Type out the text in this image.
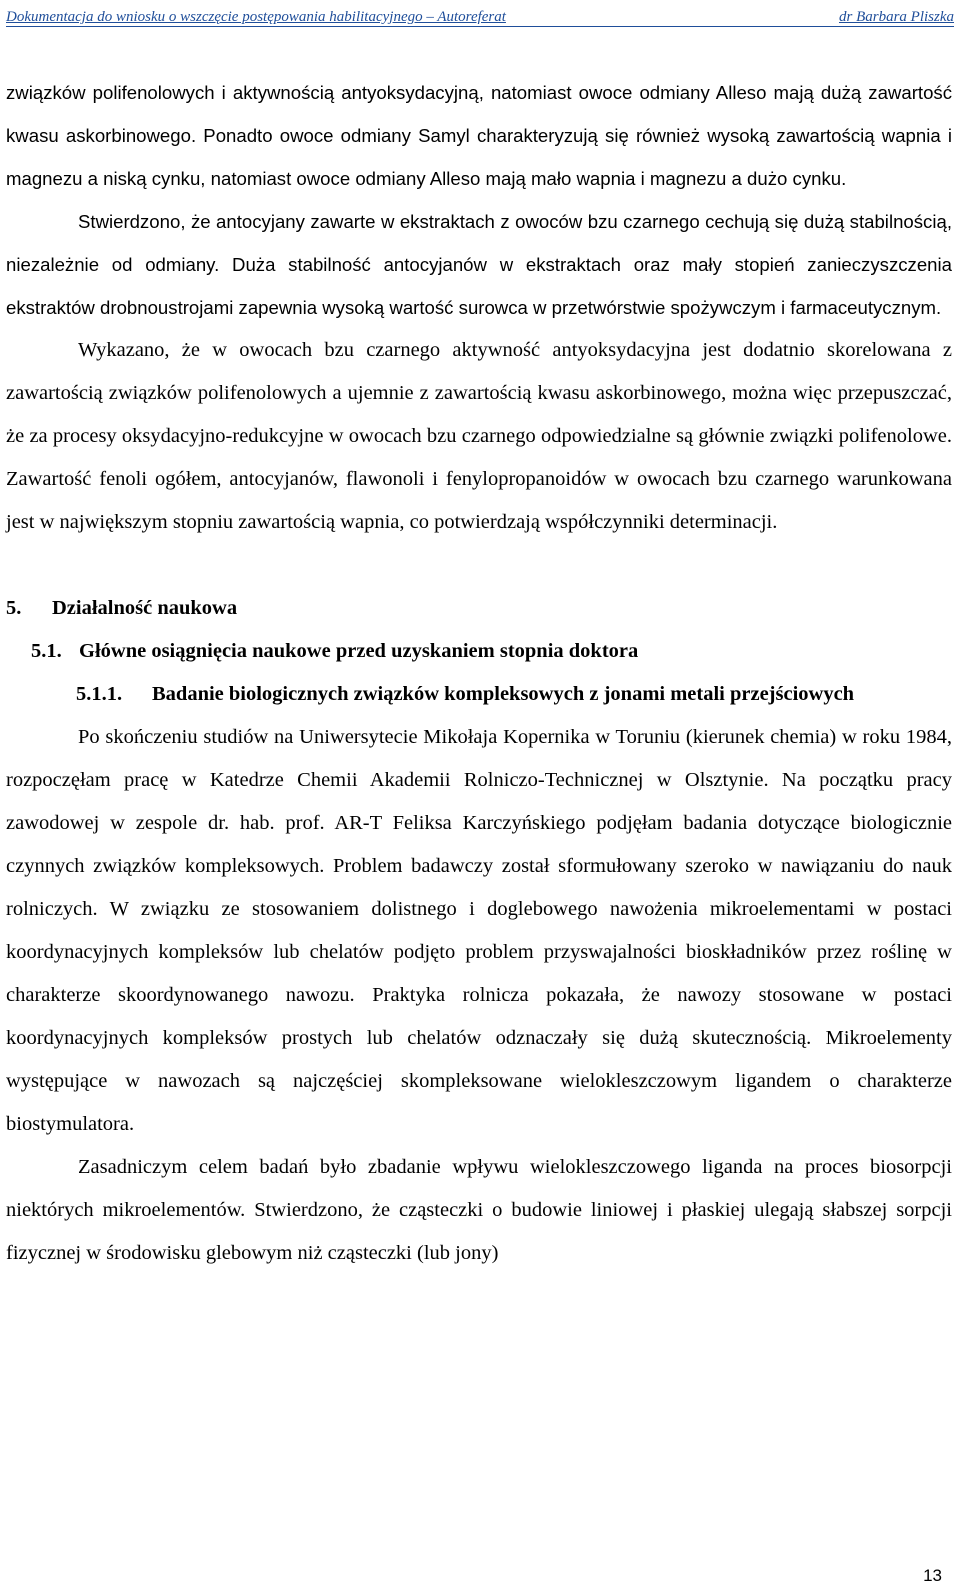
Dokumentacja do wniosku o wszczęcie postępowania habilitacyjnego – Autoreferat	dr Barbara Pliszka

związków polifenolowych i aktywnością antyoksydacyjną, natomiast owoce odmiany Alleso mają dużą zawartość kwasu askorbinowego. Ponadto owoce odmiany Samyl charakteryzują się również wysoką zawartością wapnia i magnezu a niską cynku, natomiast owoce odmiany Alleso mają mało wapnia i magnezu a dużo cynku.

Stwierdzono, że antocyjany zawarte w ekstraktach z owoców bzu czarnego cechują się dużą stabilnością, niezależnie od odmiany. Duża stabilność antocyjanów w ekstraktach oraz mały stopień zanieczyszczenia ekstraktów drobnoustrojami zapewnia wysoką wartość surowca w przetwórstwie spożywczym i farmaceutycznym.

Wykazano, że w owocach bzu czarnego aktywność antyoksydacyjna jest dodatnio skorelowana z zawartością związków polifenolowych a ujemnie z zawartością kwasu askorbinowego, można więc przepuszczać, że za procesy oksydacyjno-redukcyjne w owocach bzu czarnego odpowiedzialne są głównie związki polifenolowe. Zawartość fenoli ogółem, antocyjanów, flawonoli i fenylopropanoidów w owocach bzu czarnego warunkowana jest w największym stopniu zawartością wapnia, co potwierdzają współczynniki determinacji.

5. Działalność naukowa

5.1. Główne osiągnięcia naukowe przed uzyskaniem stopnia doktora

5.1.1.	Badanie biologicznych związków kompleksowych z jonami metali przejściowych

Po skończeniu studiów na Uniwersytecie Mikołaja Kopernika w Toruniu (kierunek chemia) w roku 1984, rozpoczęłam pracę w Katedrze Chemii Akademii Rolniczo-Technicznej w Olsztynie. Na początku pracy zawodowej w zespole dr. hab. prof. AR-T Feliksa Karczyńskiego podjęłam badania dotyczące biologicznie czynnych związków kompleksowych. Problem badawczy został sformułowany szeroko w nawiązaniu do nauk rolniczych. W związku ze stosowaniem dolistnego i doglebowego nawożenia mikroelementami w postaci koordynacyjnych kompleksów lub chelatów podjęto problem przyswajalności bioskładników przez roślinę w charakterze skoordynowanego nawozu. Praktyka rolnicza pokazała, że nawozy stosowane w postaci koordynacyjnych kompleksów prostych lub chelatów odznaczały się dużą skutecznością. Mikroelementy występujące w nawozach są najczęściej skompleksowane wielokleszczowym ligandem o charakterze biostymulatora.

Zasadniczym celem badań było zbadanie wpływu wielokleszczowego liganda na proces biosorpcji niektórych mikroelementów. Stwierdzono, że cząsteczki o budowie liniowej i płaskiej ulegają słabszej sorpcji fizycznej w środowisku glebowym niż cząsteczki (lub jony)

13
